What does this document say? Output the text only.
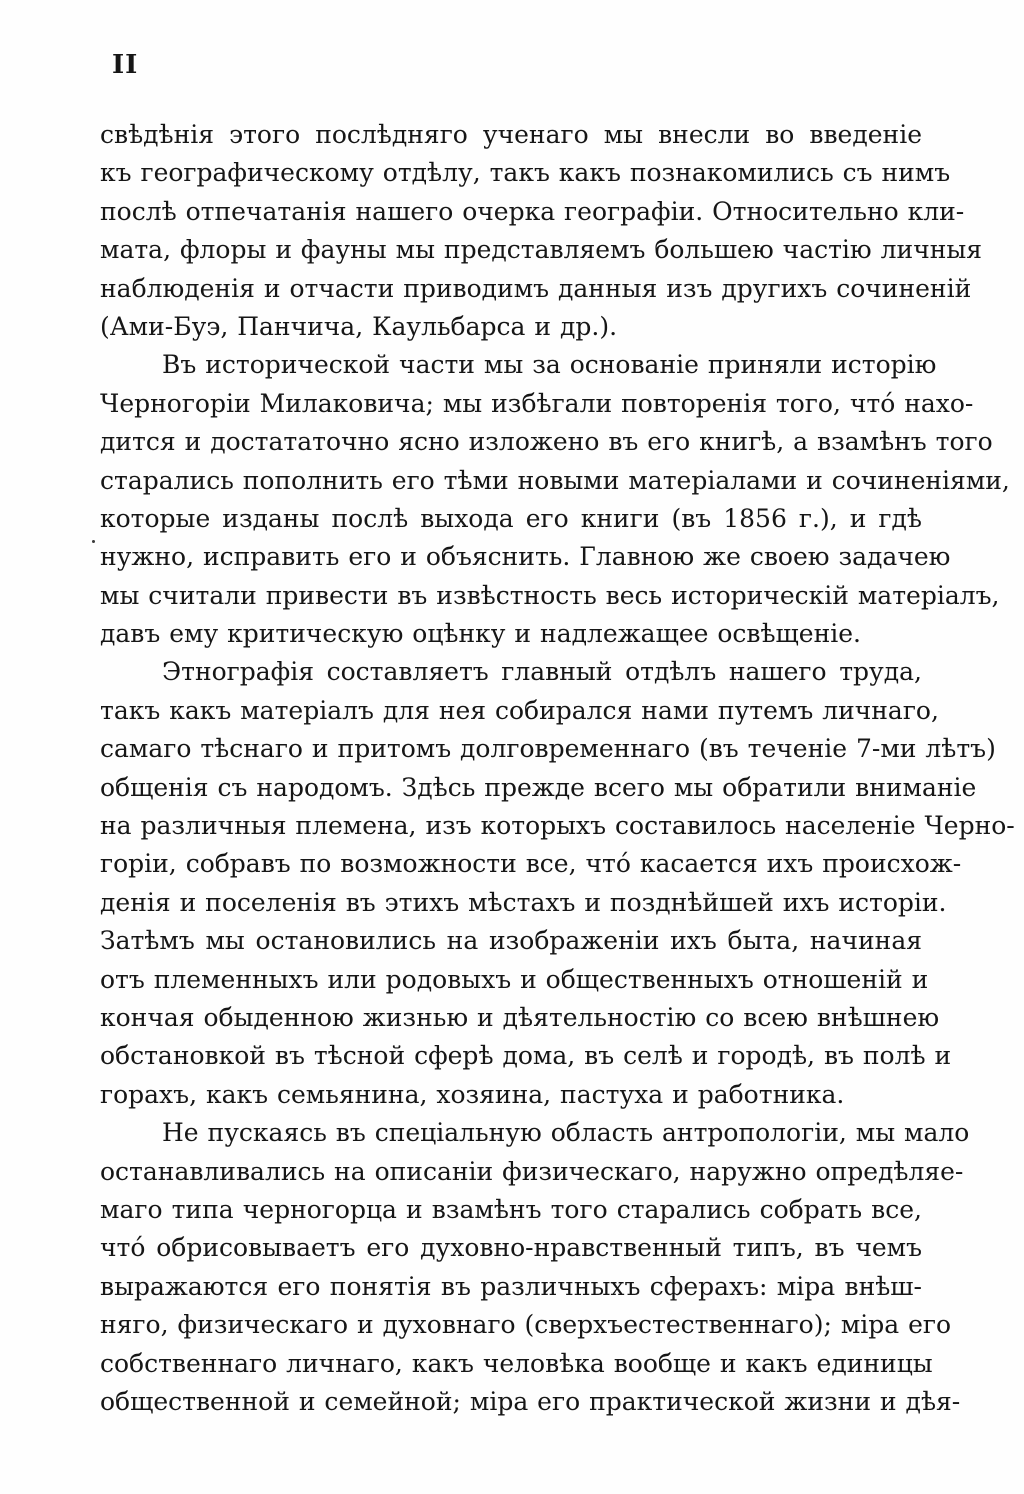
II
свѣдѣнія этого послѣдняго ученаго мы внесли во введеніе
къ географическому отдѣлу, такъ какъ познакомились съ нимъ
послѣ отпечатанія нашего очерка географіи. Относительно кли-
мата, флоры и фауны мы представляемъ большею частію личныя
наблюденія и отчасти приводимъ данныя изъ другихъ сочиненій
(Ами-Буэ, Панчича, Каульбарса и др.).
Въ исторической части мы за основаніе приняли исторію
Черногоріи Милаковича; мы избѣгали повторенія того, что́ нахо-
дится и достататочно ясно изложено въ его книгѣ, а взамѣнъ того
старались пополнить его тѣми новыми матеріалами и сочиненіями,
которые изданы послѣ выхода его книги (въ 1856 г.), и гдѣ
нужно, исправить его и объяснить. Главною же своею задачею
мы считали привести въ извѣстность весь историческій матеріалъ,
давъ ему критическую оцѣнку и надлежащее освѣщеніе.
Этнографія составляетъ главный отдѣлъ нашего труда,
такъ какъ матеріалъ для нея собирался нами путемъ личнаго,
самаго тѣснаго и притомъ долговременнаго (въ теченіе 7-ми лѣтъ)
общенія съ народомъ. Здѣсь прежде всего мы обратили вниманіе
на различныя племена, изъ которыхъ составилось населеніе Черно-
горіи, собравъ по возможности все, что́ касается ихъ происхож-
денія и поселенія въ этихъ мѣстахъ и позднѣйшей ихъ исторіи.
Затѣмъ мы остановились на изображеніи ихъ быта, начиная
отъ племенныхъ или родовыхъ и общественныхъ отношеній и
кончая обыденною жизнью и дѣятельностію со всею внѣшнею
обстановкой въ тѣсной сферѣ дома, въ селѣ и городѣ, въ полѣ и
горахъ, какъ семьянина, хозяина, пастуха и работника.
Не пускаясь въ спеціальную область антропологіи, мы мало
останавливались на описаніи физическаго, наружно опредѣляе-
маго типа черногорца и взамѣнъ того старались собрать все,
что́ обрисовываетъ его духовно-нравственный типъ, въ чемъ
выражаются его понятія въ различныхъ сферахъ: міра внѣш-
няго, физическаго и духовнаго (сверхъестественнаго); міра его
собственнаго личнаго, какъ человѣка вообще и какъ единицы
общественной и семейной; міра его практической жизни и дѣя-
